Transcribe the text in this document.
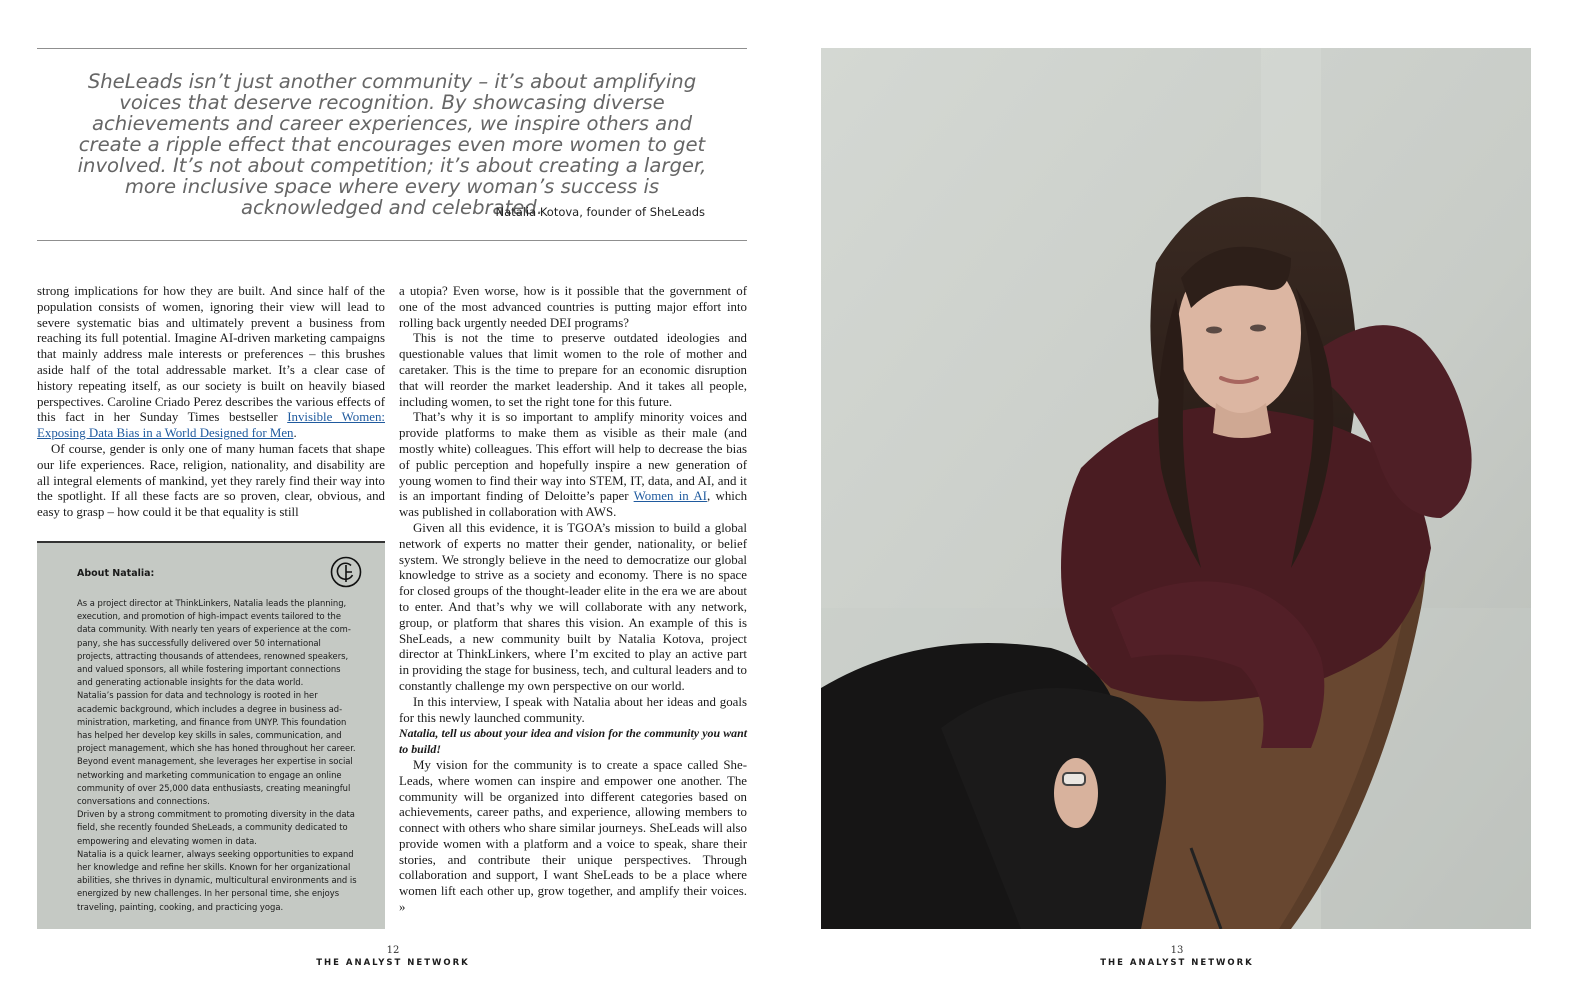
SheLeads isn’t just another community – it’s about amplifying voices that deserve recognition. By showcasing diverse achievements and career experiences, we inspire others and create a ripple effect that encourages even more women to get involved. It’s not about competition; it’s about creating a larger, more inclusive space where every woman’s success is acknowledged and celebrated.

Natalia Kotova, founder of SheLeads

strong implications for how they are built. And since half of the population consists of women, ignoring their view will lead to severe systematic bias and ultimately prevent a business from reaching its full potential. Imagine AI-driven marketing campaigns that mainly address male interests or preferences – this brushes aside half of the total addressable market. It’s a clear case of history repeating itself, as our society is built on heavily biased perspectives. Caroline Criado Perez describes the various effects of this fact in her Sunday Times bestseller Invisible Women: Exposing Data Bias in a World Designed for Men.

Of course, gender is only one of many human facets that shape our life experiences. Race, religion, nationality, and disability are all integral elements of mankind, yet they rarely find their way into the spotlight. If all these facts are so proven, clear, obvious, and easy to grasp – how could it be that equality is still

About Natalia:

As a project director at ThinkLinkers, Natalia leads the planning, execution, and promotion of high-impact events tailored to the data community. With nearly ten years of experience at the company, she has successfully delivered over 50 international projects, attracting thousands of attendees, renowned speakers, and valued sponsors, all while fostering important connections and generating actionable insights for the data world.

Natalia’s passion for data and technology is rooted in her academic background, which includes a degree in business administration, marketing, and finance from UNYP. This foundation has helped her develop key skills in sales, communication, and project management, which she has honed throughout her career. Beyond event management, she leverages her expertise in social networking and marketing communication to engage an online community of over 25,000 data enthusiasts, creating meaningful conversations and connections.

Driven by a strong commitment to promoting diversity in the data field, she recently founded SheLeads, a community dedicated to empowering and elevating women in data.

Natalia is a quick learner, always seeking opportunities to expand her knowledge and refine her skills. Known for her organizational abilities, she thrives in dynamic, multicultural environments and is energized by new challenges. In her personal time, she enjoys traveling, painting, cooking, and practicing yoga.

a utopia? Even worse, how is it possible that the government of one of the most advanced countries is putting major effort into rolling back urgently needed DEI programs?

This is not the time to preserve outdated ideologies and questionable values that limit women to the role of mother and caretaker. This is the time to prepare for an economic disruption that will reorder the market leadership. And it takes all people, including women, to set the right tone for this future.

That’s why it is so important to amplify minority voices and provide platforms to make them as visible as their male (and mostly white) colleagues. This effort will help to decrease the bias of public perception and hopefully inspire a new generation of young women to find their way into STEM, IT, data, and AI, and it is an important finding of Deloitte’s paper Women in AI, which was published in collaboration with AWS.

Given all this evidence, it is TGOA’s mission to build a global network of experts no matter their gender, nationality, or belief system. We strongly believe in the need to democratize our global knowledge to strive as a society and economy. There is no space for closed groups of the thought-leader elite in the era we are about to enter. And that’s why we will collaborate with any network, group, or platform that shares this vision. An example of this is SheLeads, a new community built by Natalia Kotova, project director at ThinkLinkers, where I’m excited to play an active part in providing the stage for business, tech, and cultural leaders and to constantly challenge my own perspective on our world.

In this interview, I speak with Natalia about her ideas and goals for this newly launched community.

Natalia, tell us about your idea and vision for the community you want to build!

My vision for the community is to create a space called SheLeads, where women can inspire and empower one another. The community will be organized into different categories based on achievements, career paths, and experience, allowing members to connect with others who share similar journeys. SheLeads will also provide women with a platform and a voice to speak, share their stories, and contribute their unique perspectives. Through collaboration and support, I want SheLeads to be a place where women lift each other up, grow together, and amplify their voices. »

12
THE ANALYST NETWORK
13
THE ANALYST NETWORK
